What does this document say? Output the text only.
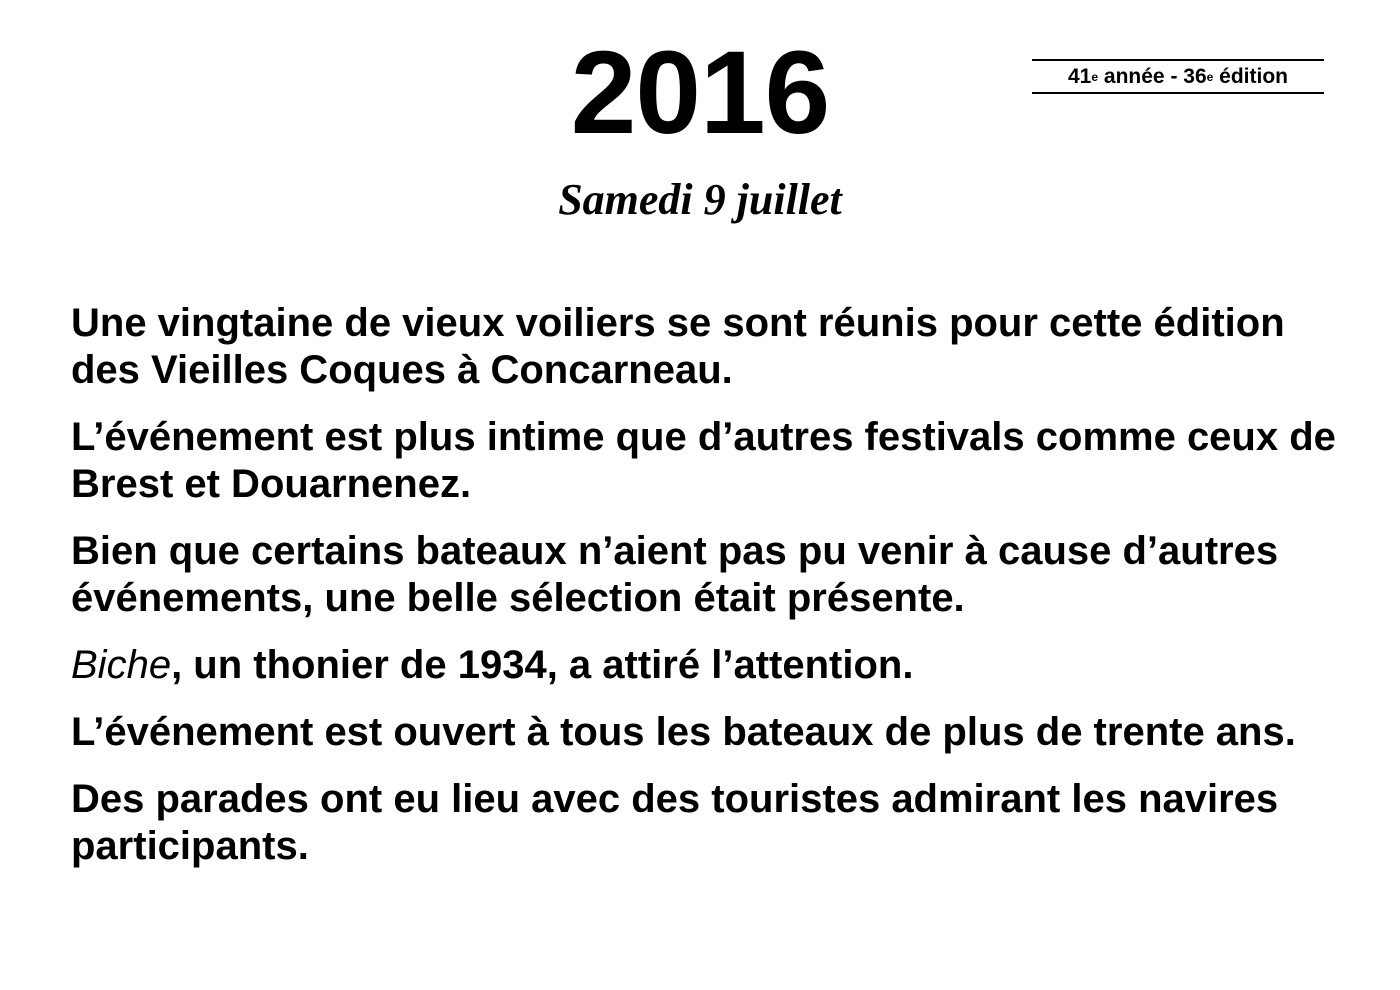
2016	41 e
année
-
36 e
édition
Samedi 9 juillet

Une vingtaine de vieux voiliers se sont réunis pour cette édition des Vieilles Coques à Concarneau.

L’événement est plus intime que d’autres festivals comme ceux de Brest et Douarnenez.

Bien que certains bateaux n’aient pas pu venir à cause d’autres événements, une belle sélection était présente.

Biche, un thonier de 1934, a attiré l’attention.

L’événement est ouvert à tous les bateaux de plus de trente ans.

Des parades ont eu lieu avec des touristes admirant les navires participants.
